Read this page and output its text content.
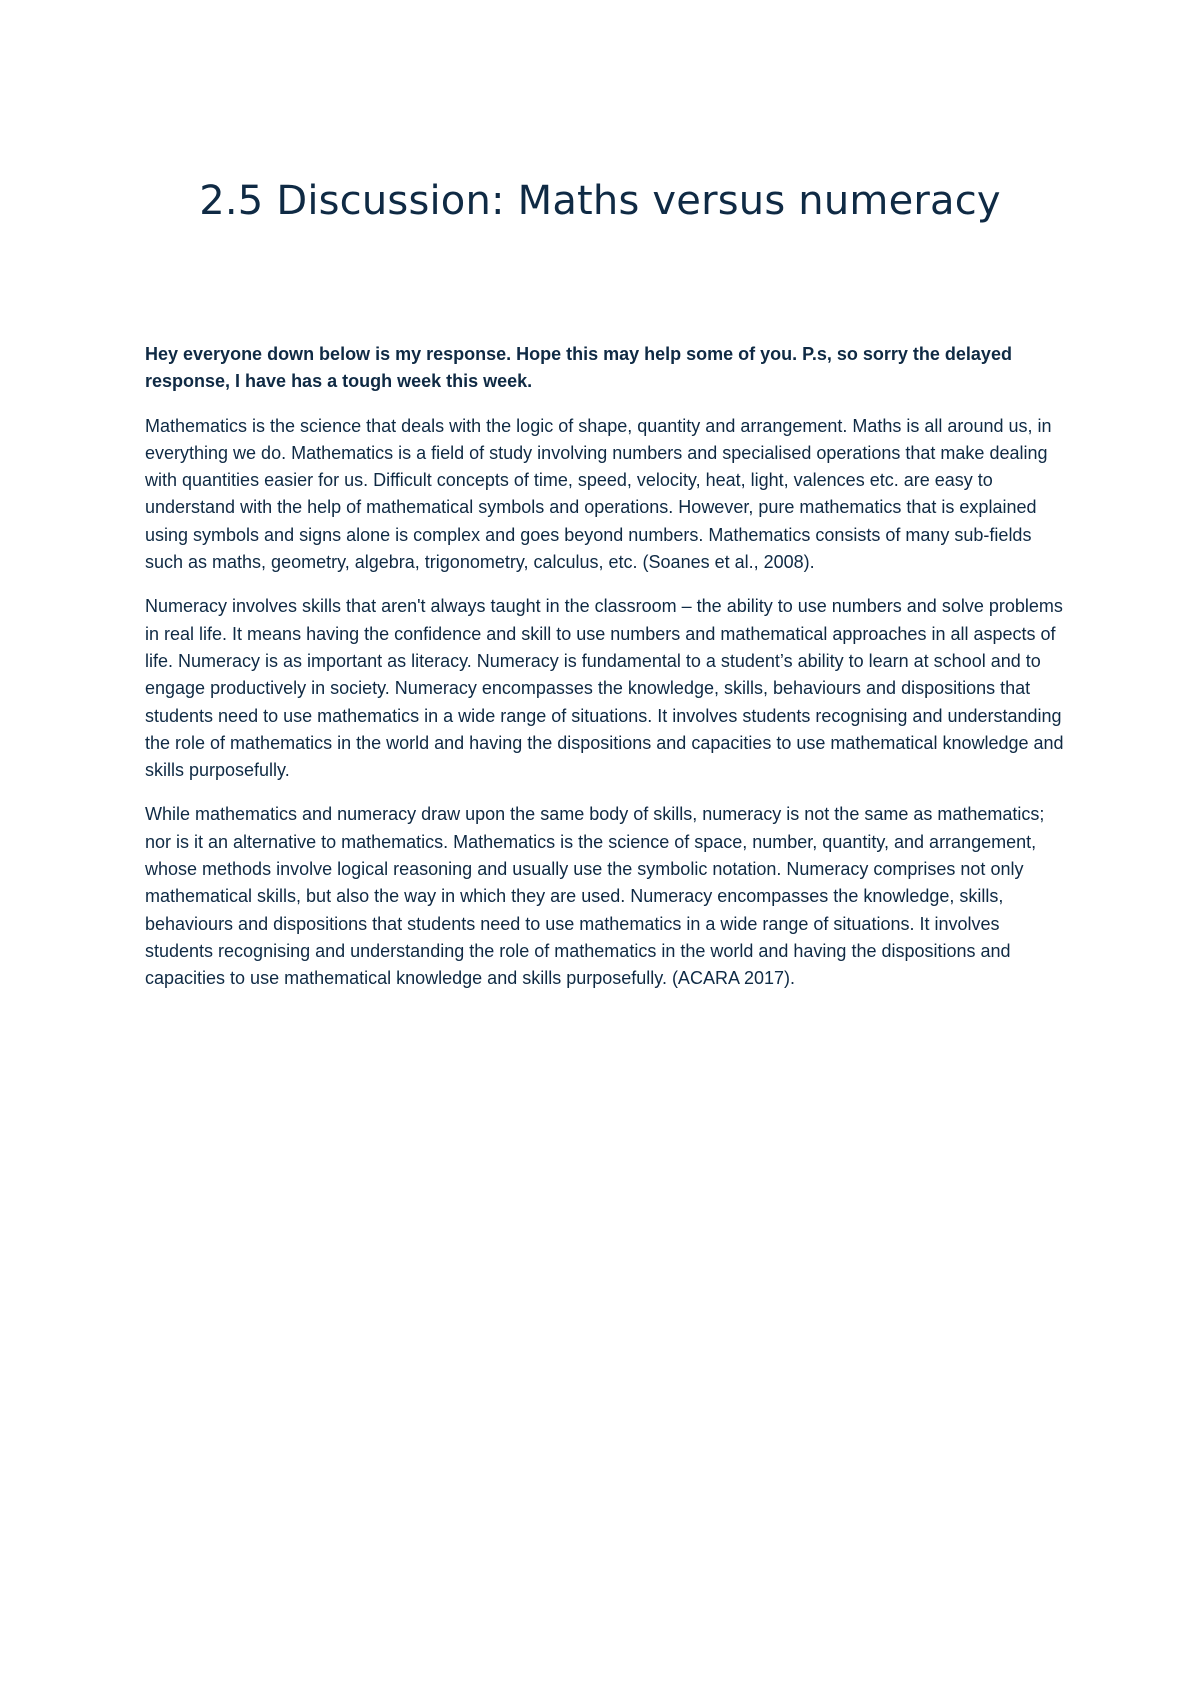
2.5 Discussion: Maths versus numeracy

Hey everyone down below is my response. Hope this may help some of you. P.s, so sorry the delayed response, I have has a tough week this week.

Mathematics is the science that deals with the logic of shape, quantity and arrangement. Maths is all around us, in everything we do. Mathematics is a field of study involving numbers and specialised operations that make dealing with quantities easier for us. Difficult concepts of time, speed, velocity, heat, light, valences etc. are easy to understand with the help of mathematical symbols and operations. However, pure mathematics that is explained using symbols and signs alone is complex and goes beyond numbers. Mathematics consists of many sub-fields such as maths, geometry, algebra, trigonometry, calculus, etc. (Soanes et al., 2008).

Numeracy involves skills that aren't always taught in the classroom – the ability to use numbers and solve problems in real life. It means having the confidence and skill to use numbers and mathematical approaches in all aspects of life. Numeracy is as important as literacy. Numeracy is fundamental to a student’s ability to learn at school and to engage productively in society. Numeracy encompasses the knowledge, skills, behaviours and dispositions that students need to use mathematics in a wide range of situations. It involves students recognising and understanding the role of mathematics in the world and having the dispositions and capacities to use mathematical knowledge and skills purposefully.

While mathematics and numeracy draw upon the same body of skills, numeracy is not the same as mathematics; nor is it an alternative to mathematics. Mathematics is the science of space, number, quantity, and arrangement, whose methods involve logical reasoning and usually use the symbolic notation. Numeracy comprises not only mathematical skills, but also the way in which they are used. Numeracy encompasses the knowledge, skills, behaviours and dispositions that students need to use mathematics in a wide range of situations. It involves students recognising and understanding the role of mathematics in the world and having the dispositions and capacities to use mathematical knowledge and skills purposefully. (ACARA 2017).
